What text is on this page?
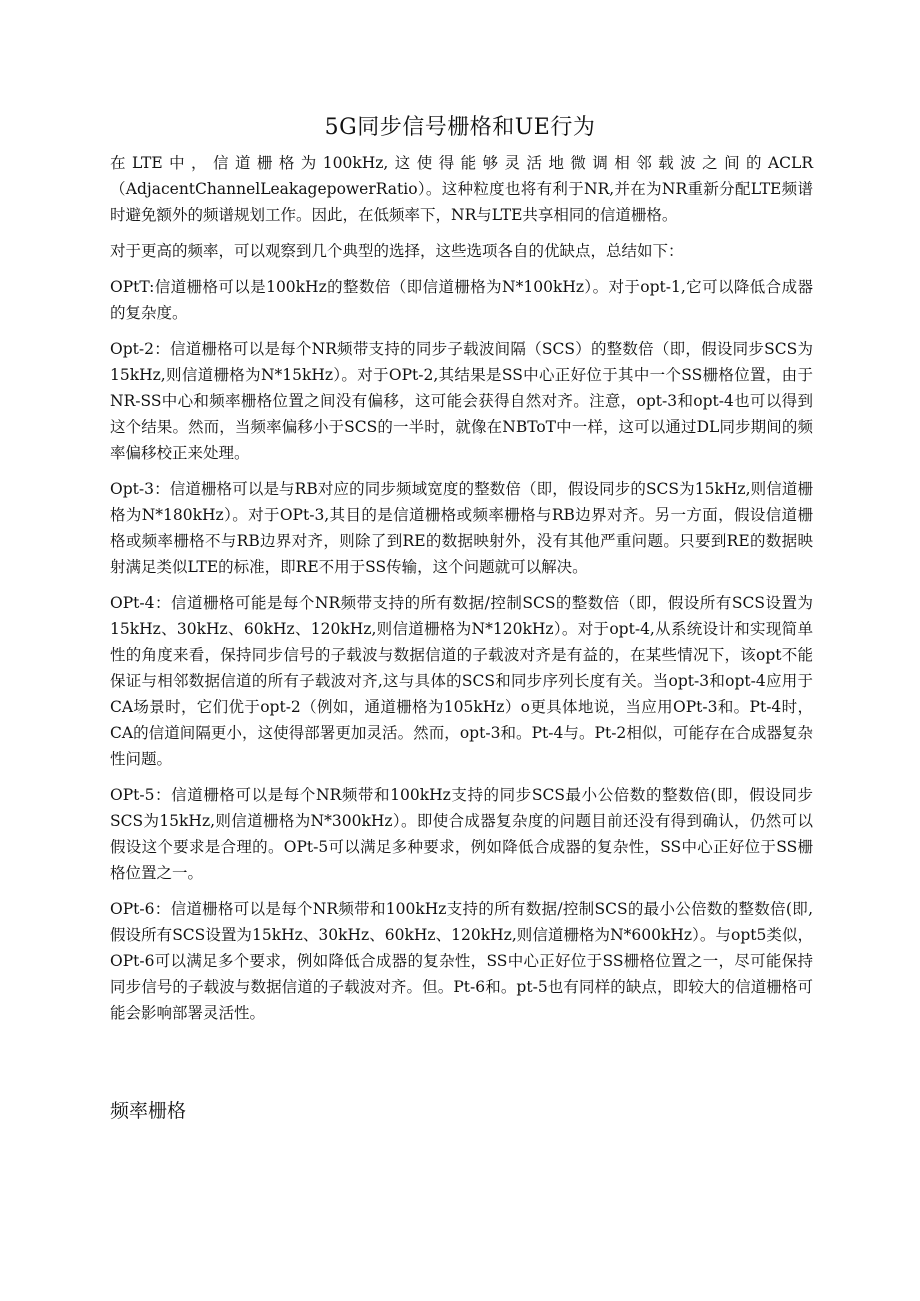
5G同步信号栅格和UE行为

在LTE中，信道栅格为100kHz,这使得能够灵活地微调相邻载波之间的ACLR（AdjacentChannelLeakagepowerRatio）。这种粒度也将有利于NR,并在为NR重新分配LTE频谱时避免额外的频谱规划工作。因此，在低频率下，NR与LTE共享相同的信道栅格。

对于更高的频率，可以观察到几个典型的选择，这些选项各自的优缺点，总结如下：

OPtT:信道栅格可以是100kHz的整数倍（即信道栅格为N*100kHz）。对于opt-1,它可以降低合成器的复杂度。

Opt-2：信道栅格可以是每个NR频带支持的同步子载波间隔（SCS）的整数倍（即，假设同步SCS为15kHz,则信道栅格为N*15kHz）。对于OPt-2,其结果是SS中心正好位于其中一个SS栅格位置，由于NR-SS中心和频率栅格位置之间没有偏移，这可能会获得自然对齐。注意，opt-3和opt-4也可以得到这个结果。然而，当频率偏移小于SCS的一半时，就像在NBToT中一样，这可以通过DL同步期间的频率偏移校正来处理。

Opt-3：信道栅格可以是与RB对应的同步频域宽度的整数倍（即，假设同步的SCS为15kHz,则信道栅格为N*180kHz）。对于OPt-3,其目的是信道栅格或频率栅格与RB边界对齐。另一方面，假设信道栅格或频率栅格不与RB边界对齐，则除了到RE的数据映射外，没有其他严重问题。只要到RE的数据映射满足类似LTE的标准，即RE不用于SS传输，这个问题就可以解决。

OPt-4：信道栅格可能是每个NR频带支持的所有数据/控制SCS的整数倍（即，假设所有SCS设置为15kHz、30kHz、60kHz、120kHz,则信道栅格为N*120kHz）。对于opt-4,从系统设计和实现简单性的角度来看，保持同步信号的子载波与数据信道的子载波对齐是有益的，在某些情况下，该opt不能保证与相邻数据信道的所有子载波对齐,这与具体的SCS和同步序列长度有关。当opt-3和opt-4应用于CA场景时，它们优于opt-2（例如，通道栅格为105kHz）o更具体地说，当应用OPt-3和。Pt-4时，CA的信道间隔更小，这使得部署更加灵活。然而，opt-3和。Pt-4与。Pt-2相似，可能存在合成器复杂性问题。

OPt-5：信道栅格可以是每个NR频带和100kHz支持的同步SCS最小公倍数的整数倍(即，假设同步SCS为15kHz,则信道栅格为N*300kHz）。即使合成器复杂度的问题目前还没有得到确认，仍然可以假设这个要求是合理的。OPt-5可以满足多种要求，例如降低合成器的复杂性，SS中心正好位于SS栅格位置之一。

OPt-6：信道栅格可以是每个NR频带和100kHz支持的所有数据/控制SCS的最小公倍数的整数倍(即,假设所有SCS设置为15kHz、30kHz、60kHz、120kHz,则信道栅格为N*600kHz）。与opt5类似，OPt-6可以满足多个要求，例如降低合成器的复杂性，SS中心正好位于SS栅格位置之一，尽可能保持同步信号的子载波与数据信道的子载波对齐。但。Pt-6和。pt-5也有同样的缺点，即较大的信道栅格可能会影响部署灵活性。

频率栅格
